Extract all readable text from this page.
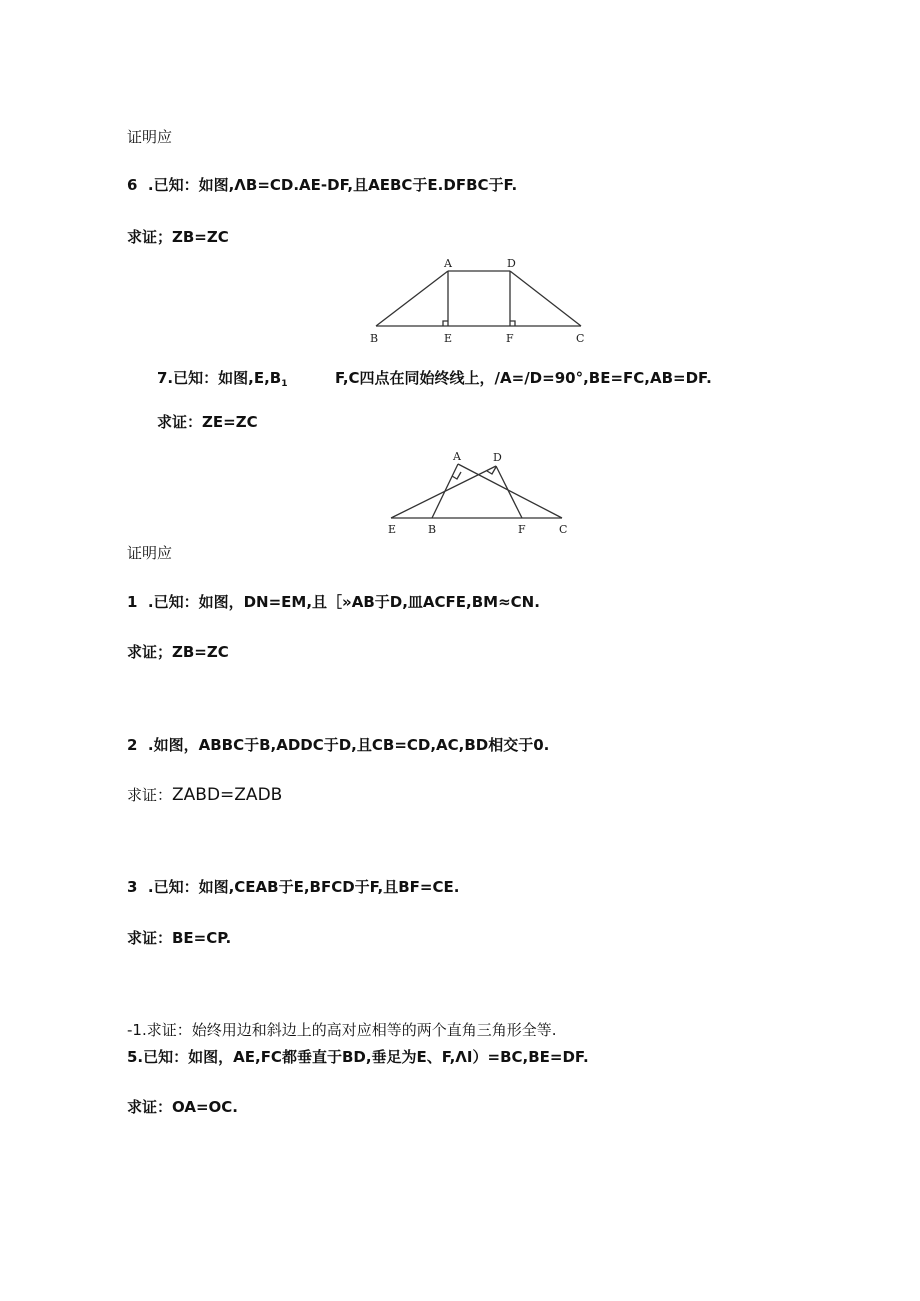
证明应
6 .已知：如图,ΛB=CD.AE-DF,且AEBC于E.DFBC于F.
求证；ZB=ZC
A	D
B	E	F	C
7.已知：如图$,E,B_1$	F,C四点在同始终线上，/A=/D=90°,BE=FC,AB=DF.
求证：ZE=ZC
A	D
E	B	F	C
证明应
1 .已知：如图，DN=EM,且［»AB于D,皿ACFE,BM≈CN.
求证；ZB=ZC
2 .如图，ABBC于B,ADDC于D,且CB=CD,AC,BD相交于0.
求证：ZABD=ZADB
3 .已知：如图,CEAB于E,BFCD于F,且BF=CE.
求证：BE=CP.
-1.求证：始终用边和斜边上的高对应相等的两个直角三角形全等.
5.已知：如图，AE,FC都垂直于BD,垂足为E、F,ΛI）=BC,BE=DF.
求证：OA=OC.
